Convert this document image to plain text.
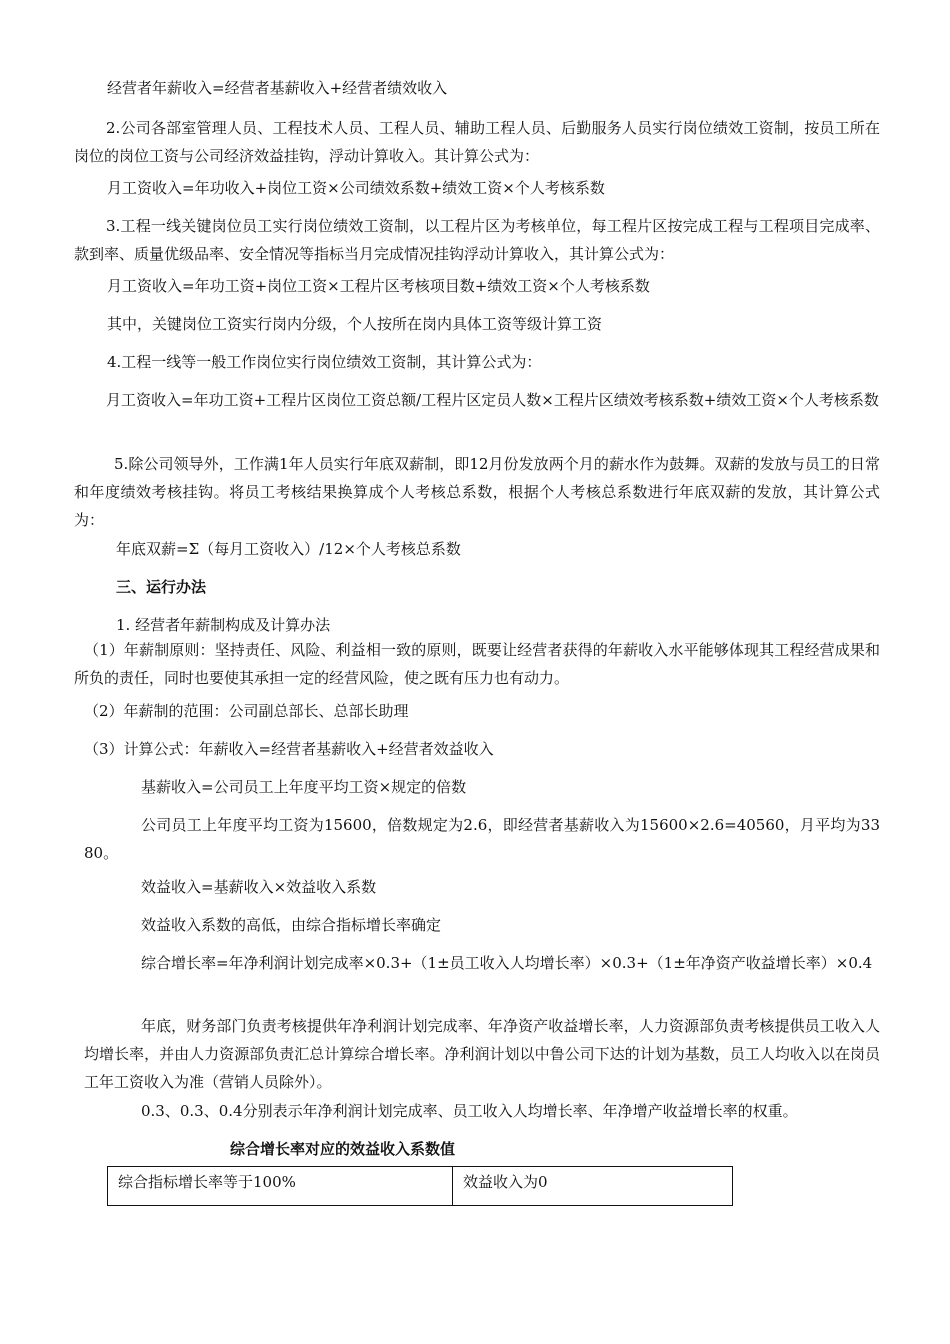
经营者年薪收入=经营者基薪收入+经营者绩效收入
2.公司各部室管理人员、工程技术人员、工程人员、辅助工程人员、后勤服务人员实行岗位绩效工资制，按员工所在岗位的岗位工资与公司经济效益挂钩，浮动计算收入。其计算公式为：
月工资收入=年功收入+岗位工资×公司绩效系数+绩效工资×个人考核系数
3.工程一线关键岗位员工实行岗位绩效工资制，以工程片区为考核单位，每工程片区按完成工程与工程项目完成率、款到率、质量优级品率、安全情况等指标当月完成情况挂钩浮动计算收入，其计算公式为：
月工资收入=年功工资+岗位工资×工程片区考核项目数+绩效工资×个人考核系数
其中，关键岗位工资实行岗内分级，个人按所在岗内具体工资等级计算工资
4.工程一线等一般工作岗位实行岗位绩效工资制，其计算公式为：
月工资收入=年功工资+工程片区岗位工资总额/工程片区定员人数×工程片区绩效考核系数+绩效工资×个人考核系数
5.除公司领导外，工作满1年人员实行年底双薪制，即12月份发放两个月的薪水作为鼓舞。双薪的发放与员工的日常和年度绩效考核挂钩。将员工考核结果换算成个人考核总系数，根据个人考核总系数进行年底双薪的发放，其计算公式为：
年底双薪=Σ（每月工资收入）/12×个人考核总系数
三、运行办法
1. 经营者年薪制构成及计算办法
（1）年薪制原则：坚持责任、风险、利益相一致的原则，既要让经营者获得的年薪收入水平能够体现其工程经营成果和所负的责任，同时也要使其承担一定的经营风险，使之既有压力也有动力。
（2）年薪制的范围：公司副总部长、总部长助理
（3）计算公式：年薪收入=经营者基薪收入+经营者效益收入
基薪收入=公司员工上年度平均工资×规定的倍数
公司员工上年度平均工资为15600，倍数规定为2.6，即经营者基薪收入为15600×2.6=40560，月平均为3380。
效益收入=基薪收入×效益收入系数
效益收入系数的高低，由综合指标增长率确定
综合增长率=年净利润计划完成率×0.3+（1±员工收入人均增长率）×0.3+（1±年净资产收益增长率）×0.4
年底，财务部门负责考核提供年净利润计划完成率、年净资产收益增长率，人力资源部负责考核提供员工收入人均增长率，并由人力资源部负责汇总计算综合增长率。净利润计划以中鲁公司下达的计划为基数，员工人均收入以在岗员工年工资收入为准（营销人员除外）。
0.3、0.3、0.4分别表示年净利润计划完成率、员工收入人均增长率、年净增产收益增长率的权重。
综合增长率对应的效益收入系数值
综合指标增长率等于100%	效益收入为0
